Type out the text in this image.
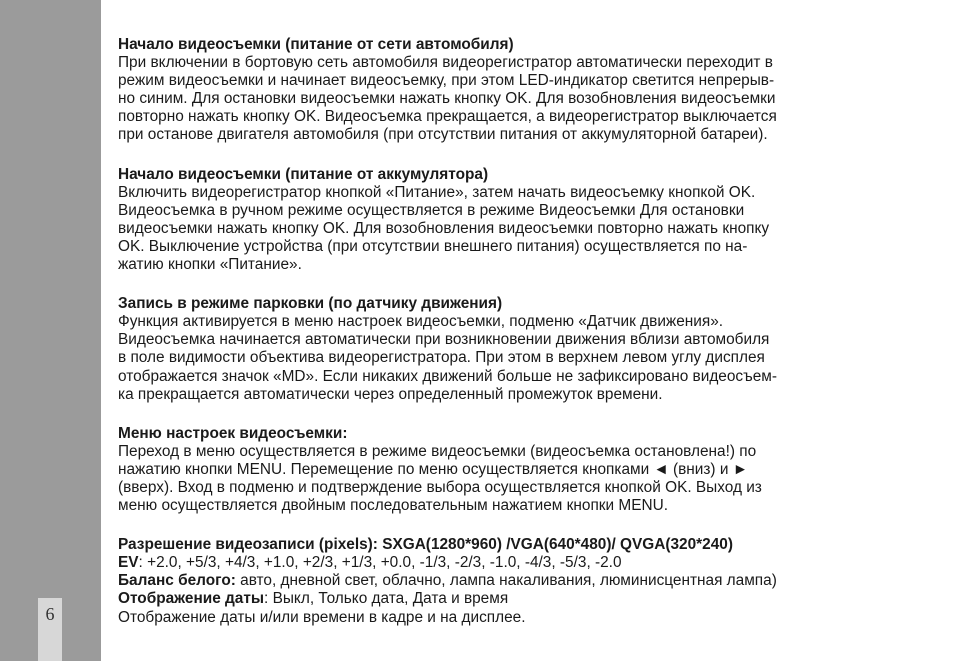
6
Начало видеосъемки (питание от сети автомобиля)
При включении в бортовую сеть автомобиля видеорегистратор автоматически переходит в
режим видеосъемки и начинает видеосъемку, при этом LED-индикатор светится непрерыв-
но синим. Для остановки видеосъемки нажать кнопку OK. Для возобновления видеосъемки
повторно нажать кнопку OK. Видеосъемка прекращается, а видеорегистратор выключается
при останове двигателя автомобиля (при отсутствии питания от аккумуляторной батареи).
Начало видеосъемки (питание от аккумулятора)
Включить видеорегистратор кнопкой «Питание», затем начать видеосъемку кнопкой OK.
Видеосъемка в ручном режиме осуществляется в режиме Видеосъемки Для остановки
видеосъемки нажать кнопку OK. Для возобновления видеосъемки повторно нажать кнопку
OK. Выключение устройства (при отсутствии внешнего питания) осуществляется по на-
жатию кнопки «Питание».
Запись в режиме парковки (по датчику движения)
Функция активируется в меню настроек видеосъемки, подменю «Датчик движения».
Видеосъемка начинается автоматически при возникновении движения вблизи автомобиля
в поле видимости объектива видеорегистратора. При этом в верхнем левом углу дисплея
отображается значок «MD». Если никаких движений больше не зафиксировано видеосъем-
ка прекращается автоматически через определенный промежуток времени.
Меню настроек видеосъемки:
Переход в меню осуществляется в режиме видеосъемки (видеосъемка остановлена!) по
нажатию кнопки MENU. Перемещение по меню осуществляется кнопками ◄ (вниз) и ►
(вверх). Вход в подменю и подтверждение выбора осуществляется кнопкой OK. Выход из
меню осуществляется двойным последовательным нажатием кнопки MENU.
Разрешение видеозаписи (pixels): SXGA(1280*960) /VGA(640*480)/ QVGA(320*240)
EV: +2.0, +5/3, +4/3, +1.0, +2/3, +1/3, +0.0, -1/3, -2/3, -1.0, -4/3, -5/3, -2.0
Баланс белого: авто, дневной свет, облачно, лампа накаливания, люминисцентная лампа)
Отображение даты: Выкл, Только дата, Дата и время
Отображение даты и/или времени в кадре и на дисплее.
